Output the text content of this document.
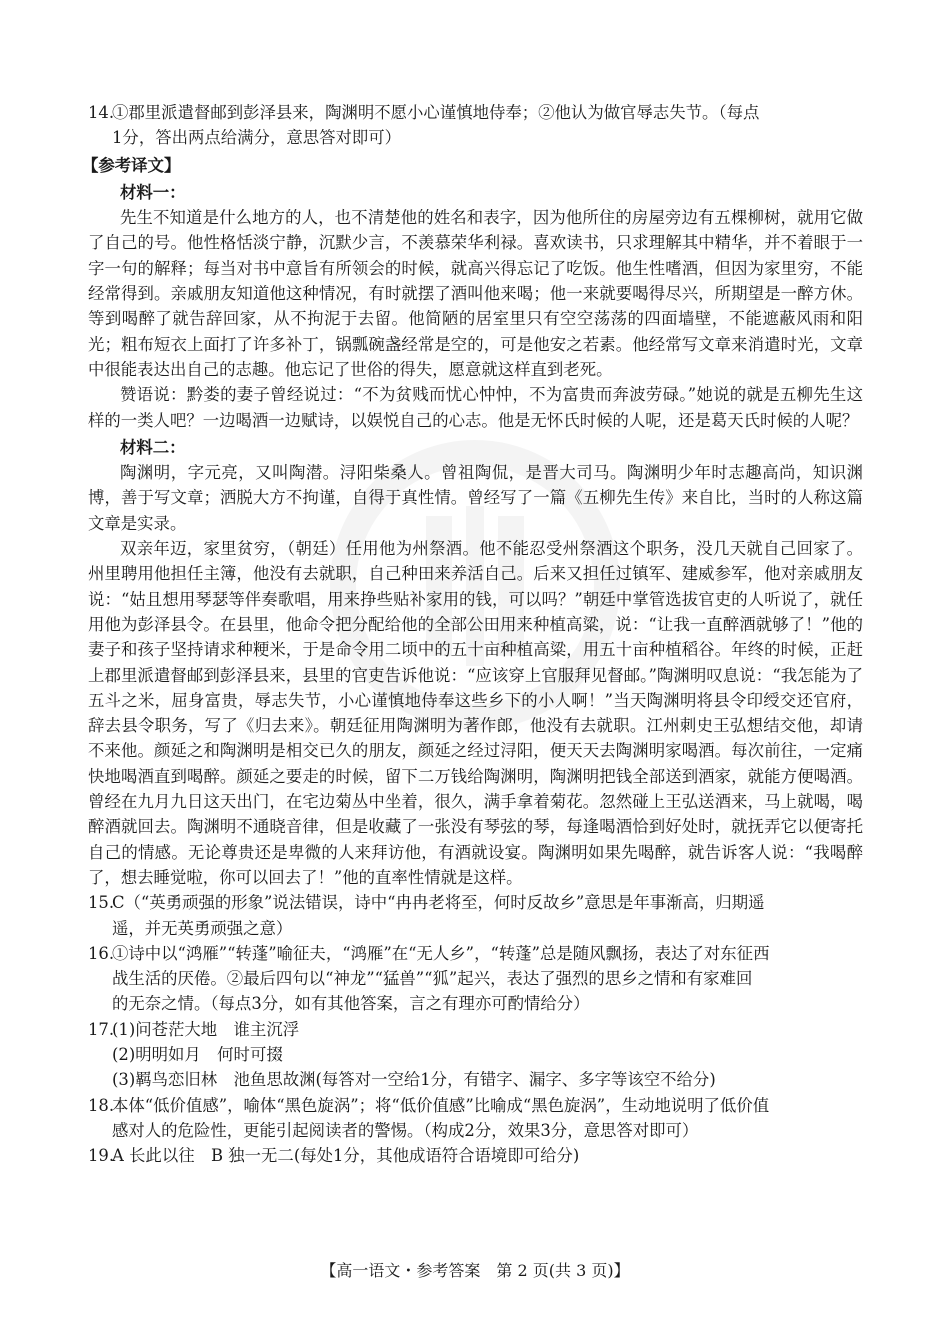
14.
①郡里派遣督邮到彭泽县来，陶渊明不愿小心谨慎地侍奉；②他认为做官辱志失节。（每点
1分，答出两点给满分，意思答对即可）
【参考译文】
材料一：

先生不知道是什么地方的人，也不清楚他的姓名和表字，因为他所住的房屋旁边有五棵柳树，就用它做了自己的号。他性格恬淡宁静，沉默少言，不羡慕荣华利禄。喜欢读书，只求理解其中精华，并不着眼于一字一句的解释；每当对书中意旨有所领会的时候，就高兴得忘记了吃饭。他生性嗜酒，但因为家里穷，不能经常得到。亲戚朋友知道他这种情况，有时就摆了酒叫他来喝；他一来就要喝得尽兴，所期望是一醉方休。等到喝醉了就告辞回家，从不拘泥于去留。他简陋的居室里只有空空荡荡的四面墙壁，不能遮蔽风雨和阳光；粗布短衣上面打了许多补丁，锅瓢碗盏经常是空的，可是他安之若素。他经常写文章来消遣时光，文章中很能表达出自己的志趣。他忘记了世俗的得失，愿意就这样直到老死。

赞语说：黔娄的妻子曾经说过：“不为贫贱而忧心忡忡，不为富贵而奔波劳碌。”她说的就是五柳先生这样的一类人吧？一边喝酒一边赋诗，以娱悦自己的心志。他是无怀氏时候的人呢，还是葛天氏时候的人呢？

材料二：

陶渊明，字元亮，又叫陶潜。浔阳柴桑人。曾祖陶侃，是晋大司马。陶渊明少年时志趣高尚，知识渊博，善于写文章；洒脱大方不拘谨，自得于真性情。曾经写了一篇《五柳先生传》来自比，当时的人称这篇文章是实录。

双亲年迈，家里贫穷，（朝廷）任用他为州祭酒。他不能忍受州祭酒这个职务，没几天就自己回家了。州里聘用他担任主簿，他没有去就职，自己种田来养活自己。后来又担任过镇军、建威参军，他对亲戚朋友说：“姑且想用琴瑟等伴奏歌唱，用来挣些贴补家用的钱，可以吗？”朝廷中掌管选拔官吏的人听说了，就任用他为彭泽县令。在县里，他命令把分配给他的全部公田用来种植高粱，说：“让我一直醉酒就够了！”他的妻子和孩子坚持请求种粳米，于是命令用二顷中的五十亩种植高粱，用五十亩种植稻谷。年终的时候，正赶上郡里派遣督邮到彭泽县来，县里的官吏告诉他说：“应该穿上官服拜见督邮。”陶渊明叹息说：“我怎能为了五斗之米，屈身富贵，辱志失节，小心谨慎地侍奉这些乡下的小人啊！”当天陶渊明将县令印绶交还官府，辞去县令职务，写了《归去来》。朝廷征用陶渊明为著作郎，他没有去就职。江州刺史王弘想结交他，却请不来他。颜延之和陶渊明是相交已久的朋友，颜延之经过浔阳，便天天去陶渊明家喝酒。每次前往，一定痛快地喝酒直到喝醉。颜延之要走的时候，留下二万钱给陶渊明，陶渊明把钱全部送到酒家，就能方便喝酒。曾经在九月九日这天出门，在宅边菊丛中坐着，很久，满手拿着菊花。忽然碰上王弘送酒来，马上就喝，喝醉酒就回去。陶渊明不通晓音律，但是收藏了一张没有琴弦的琴，每逢喝酒恰到好处时，就抚弄它以便寄托自己的情感。无论尊贵还是卑微的人来拜访他，有酒就设宴。陶渊明如果先喝醉，就告诉客人说：“我喝醉了，想去睡觉啦，你可以回去了！”他的直率性情就是这样。

15.
C（“英勇顽强的形象”说法错误，诗中“冉冉老将至，何时反故乡”意思是年事渐高，归期遥
遥，并无英勇顽强之意）
16.
①诗中以“鸿雁”“转蓬”喻征夫，“鸿雁”在“无人乡”，“转蓬”总是随风飘扬，表达了对东征西
战生活的厌倦。②最后四句以“神龙”“猛兽”“狐”起兴，表达了强烈的思乡之情和有家难回
的无奈之情。（每点3分，如有其他答案，言之有理亦可酌情给分）
17.
(1)问苍茫大地　谁主沉浮
(2)明明如月　何时可掇
(3)羁鸟恋旧林　池鱼思故渊(每答对一空给1分，有错字、漏字、多字等该空不给分)
18.
本体“低价值感”，喻体“黑色旋涡”；将“低价值感”比喻成“黑色旋涡”，生动地说明了低价值
感对人的危险性，更能引起阅读者的警惕。（构成2分，效果3分，意思答对即可）
19.
A 长此以往　B 独一无二(每处1分，其他成语符合语境即可给分)
【高一语文・参考答案　第 2 页(共 3 页)】
